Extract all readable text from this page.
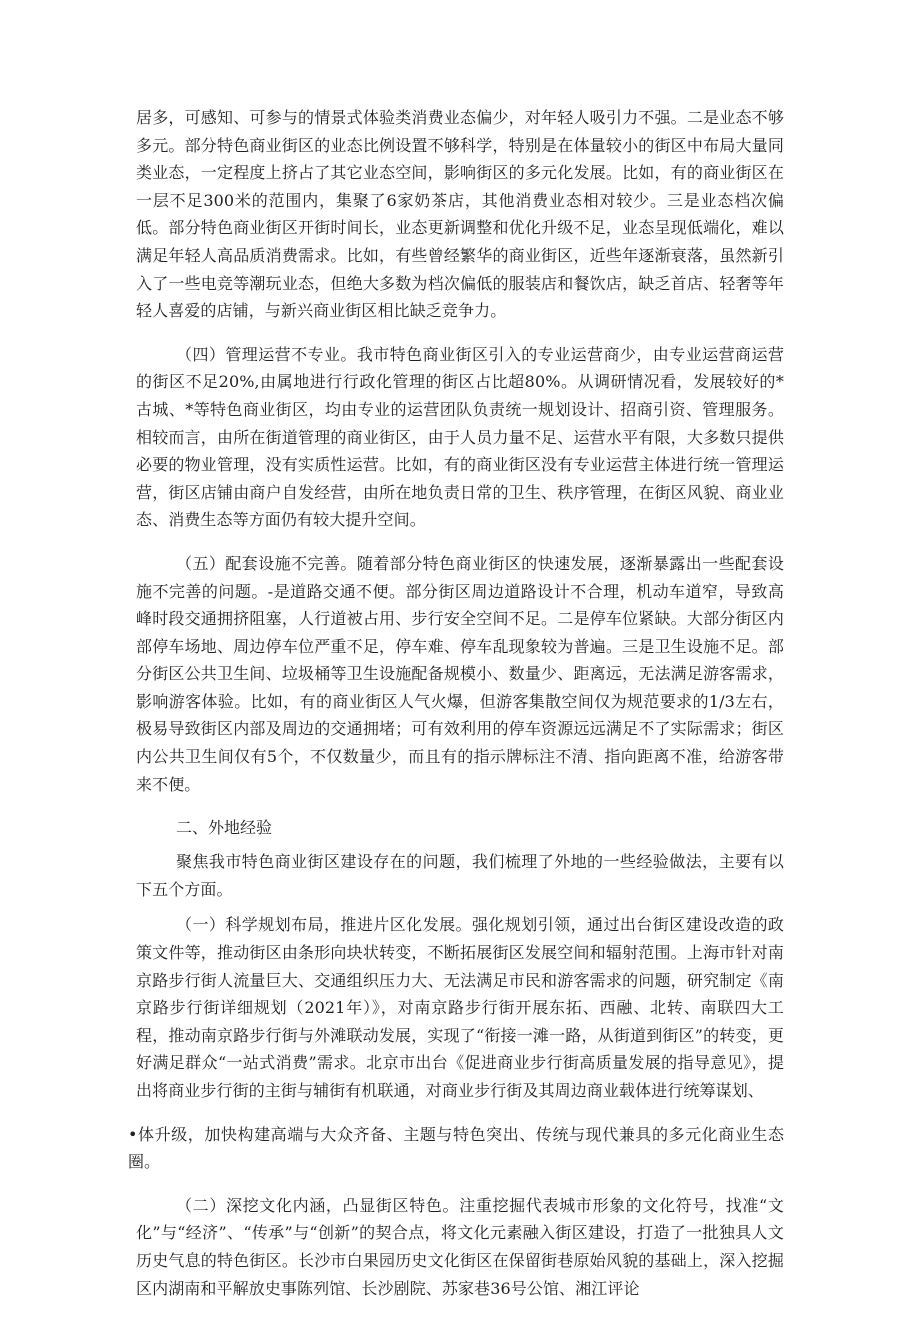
居多，可感知、可参与的情景式体验类消费业态偏少，对年轻人吸引力不强。二是业态不够多元。部分特色商业街区的业态比例设置不够科学，特别是在体量较小的街区中布局大量同类业态，一定程度上挤占了其它业态空间，影响街区的多元化发展。比如，有的商业街区在一层不足300米的范围内，集聚了6家奶茶店，其他消费业态相对较少。三是业态档次偏低。部分特色商业街区开街时间长，业态更新调整和优化升级不足，业态呈现低端化，难以满足年轻人高品质消费需求。比如，有些曾经繁华的商业街区，近些年逐渐衰落，虽然新引入了一些电竞等潮玩业态，但绝大多数为档次偏低的服装店和餐饮店，缺乏首店、轻奢等年轻人喜爱的店铺，与新兴商业街区相比缺乏竞争力。

（四）管理运营不专业。我市特色商业街区引入的专业运营商少，由专业运营商运营的街区不足20%,由属地进行行政化管理的街区占比超80%。从调研情况看，发展较好的*古城、*等特色商业街区，均由专业的运营团队负责统一规划设计、招商引资、管理服务。相较而言，由所在街道管理的商业街区，由于人员力量不足、运营水平有限，大多数只提供必要的物业管理，没有实质性运营。比如，有的商业街区没有专业运营主体进行统一管理运营，街区店铺由商户自发经营，由所在地负责日常的卫生、秩序管理，在街区风貌、商业业态、消费生态等方面仍有较大提升空间。

（五）配套设施不完善。随着部分特色商业街区的快速发展，逐渐暴露出一些配套设施不完善的问题。-是道路交通不便。部分街区周边道路设计不合理，机动车道窄，导致高峰时段交通拥挤阻塞，人行道被占用、步行安全空间不足。二是停车位紧缺。大部分街区内部停车场地、周边停车位严重不足，停车难、停车乱现象较为普遍。三是卫生设施不足。部分街区公共卫生间、垃圾桶等卫生设施配备规模小、数量少、距离远，无法满足游客需求，影响游客体验。比如，有的商业街区人气火爆，但游客集散空间仅为规范要求的1/3左右，极易导致街区内部及周边的交通拥堵；可有效利用的停车资源远远满足不了实际需求；街区内公共卫生间仅有5个，不仅数量少，而且有的指示牌标注不清、指向距离不准，给游客带来不便。

二、外地经验

聚焦我市特色商业街区建设存在的问题，我们梳理了外地的一些经验做法，主要有以下五个方面。

（一）科学规划布局，推进片区化发展。强化规划引领，通过出台街区建设改造的政策文件等，推动街区由条形向块状转变，不断拓展街区发展空间和辐射范围。上海市针对南京路步行街人流量巨大、交通组织压力大、无法满足市民和游客需求的问题，研究制定《南京路步行街详细规划（2021年）》，对南京路步行街开展东拓、西融、北转、南联四大工程，推动南京路步行街与外滩联动发展，实现了“衔接一滩一路，从街道到街区”的转变，更好满足群众“一站式消费”需求。北京市出台《促进商业步行街高质量发展的指导意见》，提出将商业步行街的主街与辅街有机联通，对商业步行街及其周边商业载体进行统筹谋划、

•体升级，加快构建高端与大众齐备、主题与特色突出、传统与现代兼具的多元化商业生态圈。

（二）深挖文化内涵，凸显街区特色。注重挖掘代表城市形象的文化符号，找准“文化”与“经济”、“传承”与“创新”的契合点，将文化元素融入街区建设，打造了一批独具人文历史气息的特色街区。长沙市白果园历史文化街区在保留街巷原始风貌的基础上，深入挖掘区内湖南和平解放史事陈列馆、长沙剧院、苏家巷36号公馆、湘江评论
